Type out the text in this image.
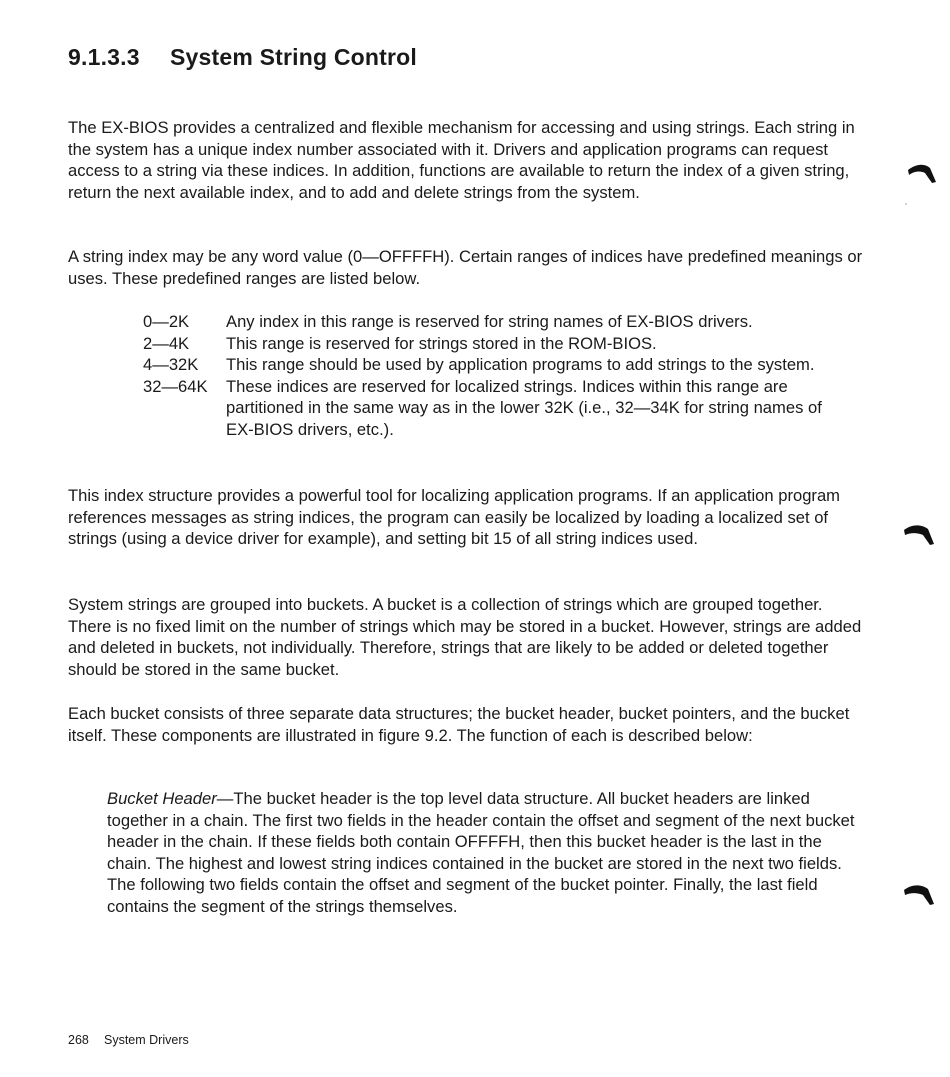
9.1.3.3 System String Control

The EX-BIOS provides a centralized and flexible mechanism for accessing and using strings. Each string in the system has a unique index number associated with it. Drivers and application programs can request access to a string via these indices. In addition, functions are available to return the index of a given string, return the next available index, and to add and delete strings from the system.

A string index may be any word value (0—OFFFFH). Certain ranges of indices have predefined meanings or uses. These predefined ranges are listed below.

0—2K	Any index in this range is reserved for string names of EX-BIOS drivers.
2—4K	This range is reserved for strings stored in the ROM-BIOS.
4—32K	This range should be used by application programs to add strings to the system.
32—64K	These indices are reserved for localized strings. Indices within this range are partitioned in the same way as in the lower 32K (i.e., 32—34K for string names of EX-BIOS drivers, etc.).

This index structure provides a powerful tool for localizing application programs. If an application program references messages as string indices, the program can easily be localized by loading a localized set of strings (using a device driver for example), and setting bit 15 of all string indices used.

System strings are grouped into buckets. A bucket is a collection of strings which are grouped together. There is no fixed limit on the number of strings which may be stored in a bucket. However, strings are added and deleted in buckets, not individually. Therefore, strings that are likely to be added or deleted together should be stored in the same bucket.

Each bucket consists of three separate data structures; the bucket header, bucket pointers, and the bucket itself. These components are illustrated in figure 9.2. The function of each is described below:

Bucket Header—The bucket header is the top level data structure. All bucket headers are linked together in a chain. The first two fields in the header contain the offset and segment of the next bucket header in the chain. If these fields both contain OFFFFH, then this bucket header is the last in the chain. The highest and lowest string indices contained in the bucket are stored in the next two fields. The following two fields contain the offset and segment of the bucket pointer. Finally, the last field contains the segment of the strings themselves.

268 System Drivers
